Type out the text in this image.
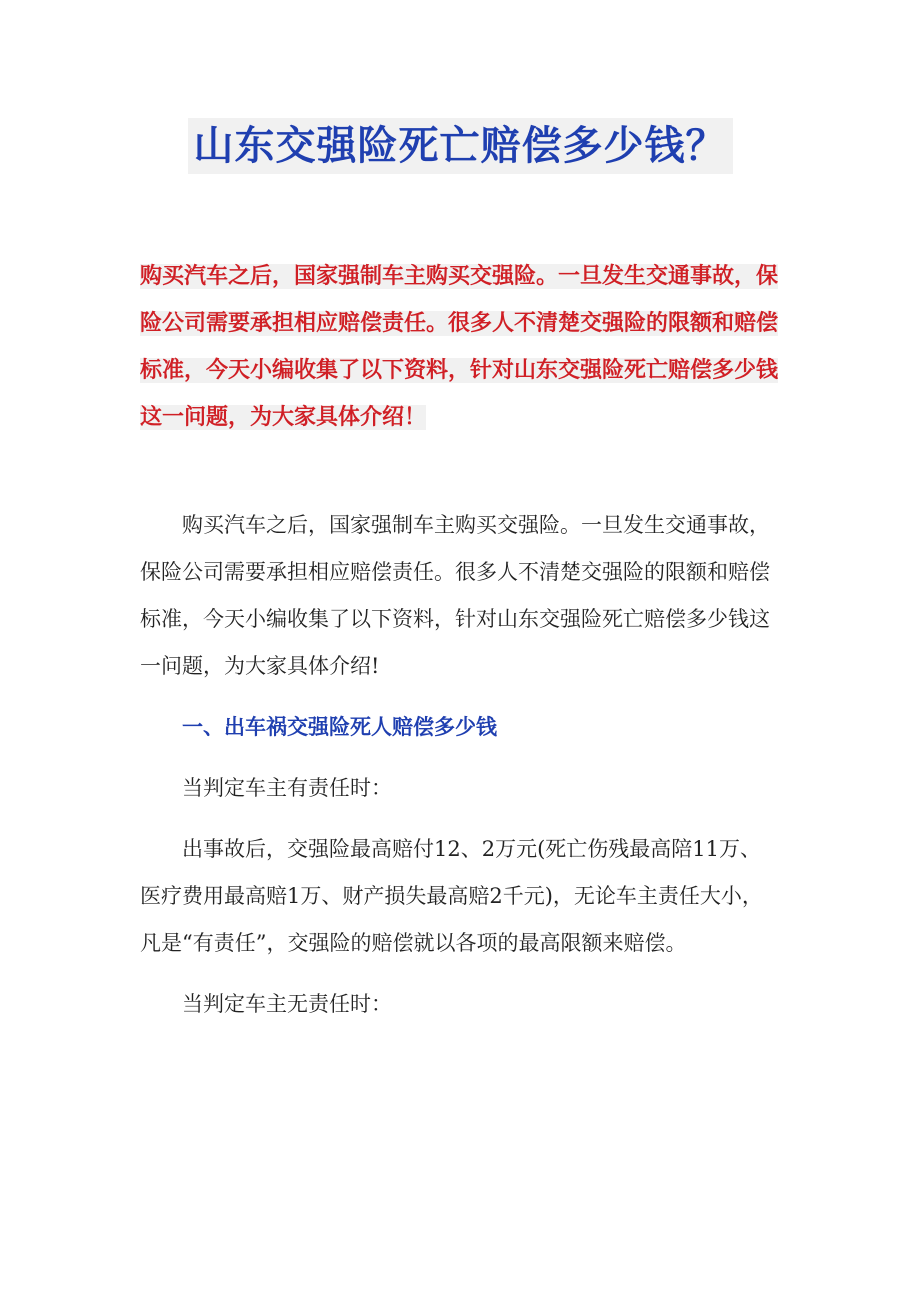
山东交强险死亡赔偿多少钱？
购买汽车之后，国家强制车主购买交强险。一旦发生交通事故，保险公司需要承担相应赔偿责任。很多人不清楚交强险的限额和赔偿标准，今天小编收集了以下资料，针对山东交强险死亡赔偿多少钱这一问题，为大家具体介绍！

购买汽车之后，国家强制车主购买交强险。一旦发生交通事故，保险公司需要承担相应赔偿责任。很多人不清楚交强险的限额和赔偿标准，今天小编收集了以下资料，针对山东交强险死亡赔偿多少钱这一问题，为大家具体介绍!

一、出车祸交强险死人赔偿多少钱

当判定车主有责任时：

出事故后，交强险最高赔付12、2万元(死亡伤残最高陪11万、医疗费用最高赔1万、财产损失最高赔2千元)，无论车主责任大小，凡是“有责任”，交强险的赔偿就以各项的最高限额来赔偿。

当判定车主无责任时：
